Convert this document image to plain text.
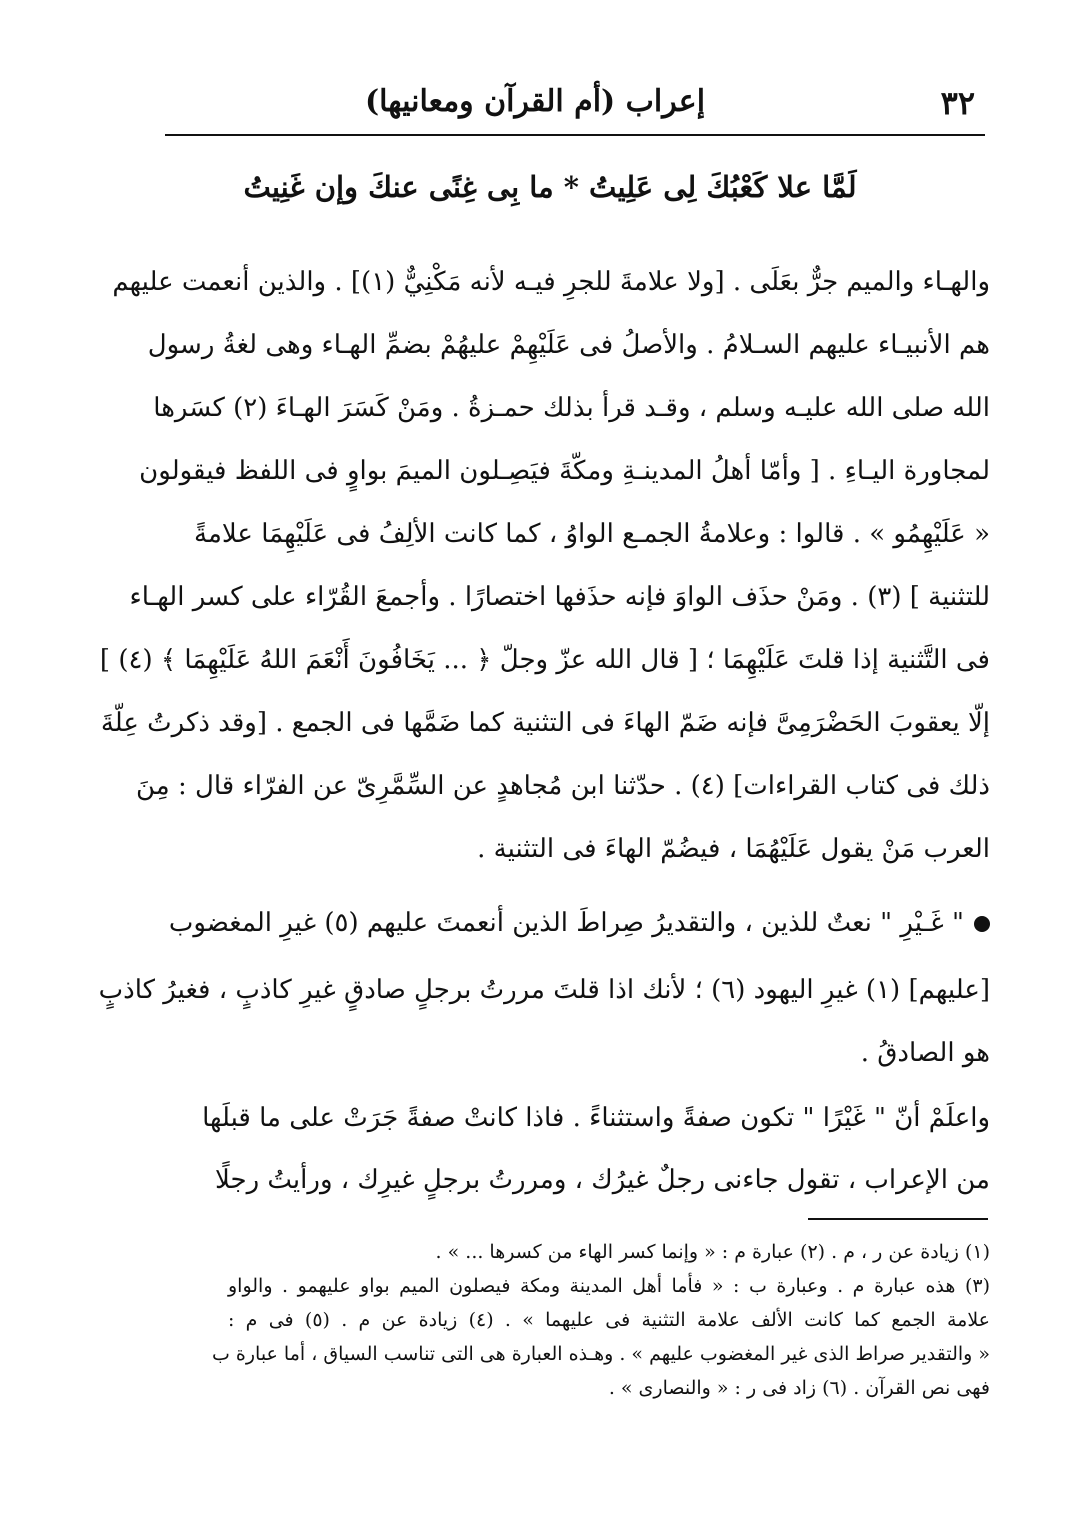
٣٢
إعراب (أم القرآن ومعانيها)
لَمَّا علا كَعْبُكَ لِى عَلِيتُ * ما بِى غِنًى عنكَ وإن غَنِيتُ
والهـاء والميم جرٌّ بعَلَى . [ولا علامةَ للجرِ فيـه لأنه مَكْنِيٌّ (١)] . والذين أنعمت عليهم
هم الأنبيـاء عليهم السـلامُ . والأصلُ فى عَلَيْهِمْ عليهُمْ بضمِّ الهـاء وهى لغةُ رسول
الله صلى الله عليـه وسلم ، وقـد قرأ بذلك حمـزةُ . ومَنْ كَسَرَ الهـاءَ (٢) كسَرها
لمجاورة اليـاءِ . [ وأمّا أهلُ المدينـةِ ومكّةَ فيَصِـلون الميمَ بواوٍ فى اللفظ فيقولون
« عَلَيْهِمُو » . قالوا : وعلامةُ الجمـع الواوُ ، كما كانت الألِفُ فى عَلَيْهِمَا علامةً
للتثنية ] (٣) . ومَنْ حذَف الواوَ فإنه حذَفها اختصارًا . وأجمعَ القُرّاء على كسر الهـاء
فى التَّثنية إذا قلتَ عَلَيْهِمَا ؛ [ قال الله عزّ وجلّ ﴿ ... يَخَافُونَ أَنْعَمَ اللهُ عَلَيْهِمَا ﴾ (٤) ]
إلّا يعقوبَ الحَضْرَمِىَّ فإنه ضَمّ الهاءَ فى التثنية كما ضَمَّها فى الجمع . [وقد ذكرتُ عِلّةَ
ذلك فى كتاب القراءات] (٤) . حدّثنا ابن مُجاهدٍ عن السِّمَّرِىّ عن الفرّاء قال : مِنَ
العرب مَنْ يقول عَلَيْهُمَا ، فيضُمّ الهاءَ فى التثنية .
" غَـيْرِ " نعتٌ للذين ، والتقديرُ صِراطَ الذين أنعمتَ عليهم (٥) غيرِ المغضوب
[عليهم] (١) غيرِ اليهود (٦) ؛ لأنك اذا قلتَ مررتُ برجلٍ صادقٍ غيرِ كاذبٍ ، فغيرُ كاذبٍ
هو الصادقُ .
واعلَمْ أنّ " غَيْرًا " تكون صفةً واستثناءً . فاذا كانتْ صفةً جَرَتْ على ما قبلَها
من الإعراب ، تقول جاءنى رجلٌ غيرُك ، ومررتُ برجلٍ غيرِك ، ورأيتُ رجلًا
(١) زيادة عن ر ، م . (٢) عبارة م : « وإنما كسر الهاء من كسرها ... » .
(٣) هذه عبارة م . وعبارة ب : « فأما أهل المدينة ومكة فيصلون الميم بواو عليهمو . والواو
علامة الجمع كما كانت الألف علامة التثنية فى عليهما » . (٤) زيادة عن م . (٥) فى م :
« والتقدير صراط الذى غير المغضوب عليهم » . وهـذه العبارة هى التى تناسب السياق ، أما عبارة ب
فهى نص القرآن . (٦) زاد فى ر : « والنصارى » .
